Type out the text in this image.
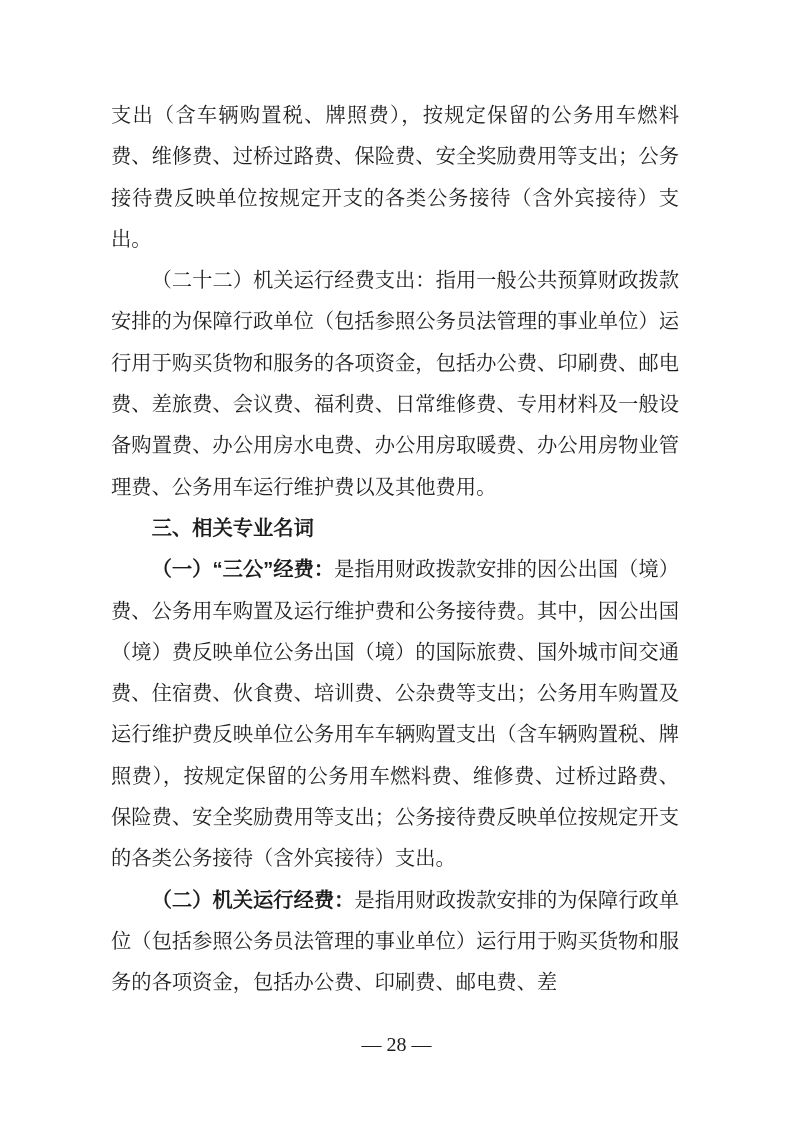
支出（含车辆购置税、牌照费），按规定保留的公务用车燃料费、维修费、过桥过路费、保险费、安全奖励费用等支出；公务接待费反映单位按规定开支的各类公务接待（含外宾接待）支出。

（二十二）机关运行经费支出：指用一般公共预算财政拨款安排的为保障行政单位（包括参照公务员法管理的事业单位）运行用于购买货物和服务的各项资金，包括办公费、印刷费、邮电费、差旅费、会议费、福利费、日常维修费、专用材料及一般设备购置费、办公用房水电费、办公用房取暖费、办公用房物业管理费、公务用车运行维护费以及其他费用。

三、相关专业名词

（一）“三公”经费：是指用财政拨款安排的因公出国（境）费、公务用车购置及运行维护费和公务接待费。其中，因公出国（境）费反映单位公务出国（境）的国际旅费、国外城市间交通费、住宿费、伙食费、培训费、公杂费等支出；公务用车购置及运行维护费反映单位公务用车车辆购置支出（含车辆购置税、牌照费），按规定保留的公务用车燃料费、维修费、过桥过路费、保险费、安全奖励费用等支出；公务接待费反映单位按规定开支的各类公务接待（含外宾接待）支出。

（二）机关运行经费：是指用财政拨款安排的为保障行政单位（包括参照公务员法管理的事业单位）运行用于购买货物和服务的各项资金，包括办公费、印刷费、邮电费、差

— 28 —
